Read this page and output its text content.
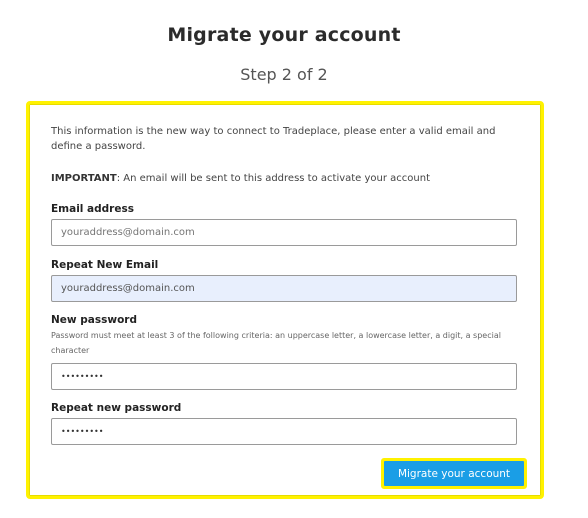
Migrate your account
Step 2 of 2
This information is the new way to connect to Tradeplace, please enter a valid email and define a password.
IMPORTANT: An email will be sent to this address to activate your account
Email address
youraddress@domain.com
Repeat New Email
youraddress@domain.com
New password
Password must meet at least 3 of the following criteria: an uppercase letter, a lowercase letter, a digit, a special character
•••••••••
Repeat new password
•••••••••
Migrate your account
